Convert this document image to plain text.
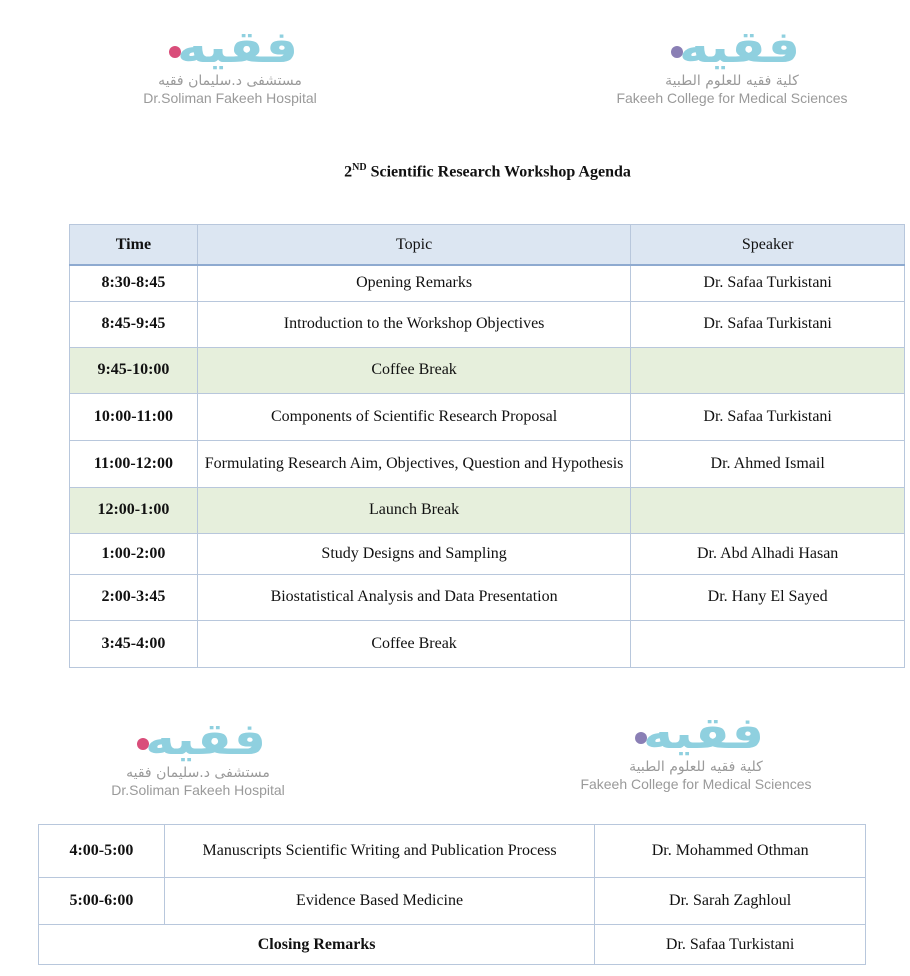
فقيه
مستشفى د.سليمان فقيه
Dr.Soliman Fakeeh Hospital
فقيه
كلية فقيه للعلوم الطبية
Fakeeh College for Medical Sciences
2ND Scientific Research Workshop Agenda
Time	Topic	Speaker
8:30-8:45	Opening Remarks	Dr. Safaa Turkistani
8:45-9:45	Introduction to the Workshop Objectives	Dr. Safaa Turkistani
9:45-10:00	Coffee Break	
10:00-11:00	Components of Scientific Research Proposal	Dr. Safaa Turkistani
11:00-12:00	Formulating Research Aim, Objectives, Question and Hypothesis	Dr. Ahmed Ismail
12:00-1:00	Launch Break	
1:00-2:00	Study Designs and Sampling	Dr. Abd Alhadi Hasan
2:00-3:45	Biostatistical Analysis and Data Presentation	Dr. Hany El Sayed
3:45-4:00	Coffee Break	
فقيه
مستشفى د.سليمان فقيه
Dr.Soliman Fakeeh Hospital
فقيه
كلية فقيه للعلوم الطبية
Fakeeh College for Medical Sciences
4:00-5:00	Manuscripts Scientific Writing and Publication Process	Dr. Mohammed Othman
5:00-6:00	Evidence Based Medicine	Dr. Sarah Zaghloul
Closing Remarks		Dr. Safaa Turkistani
